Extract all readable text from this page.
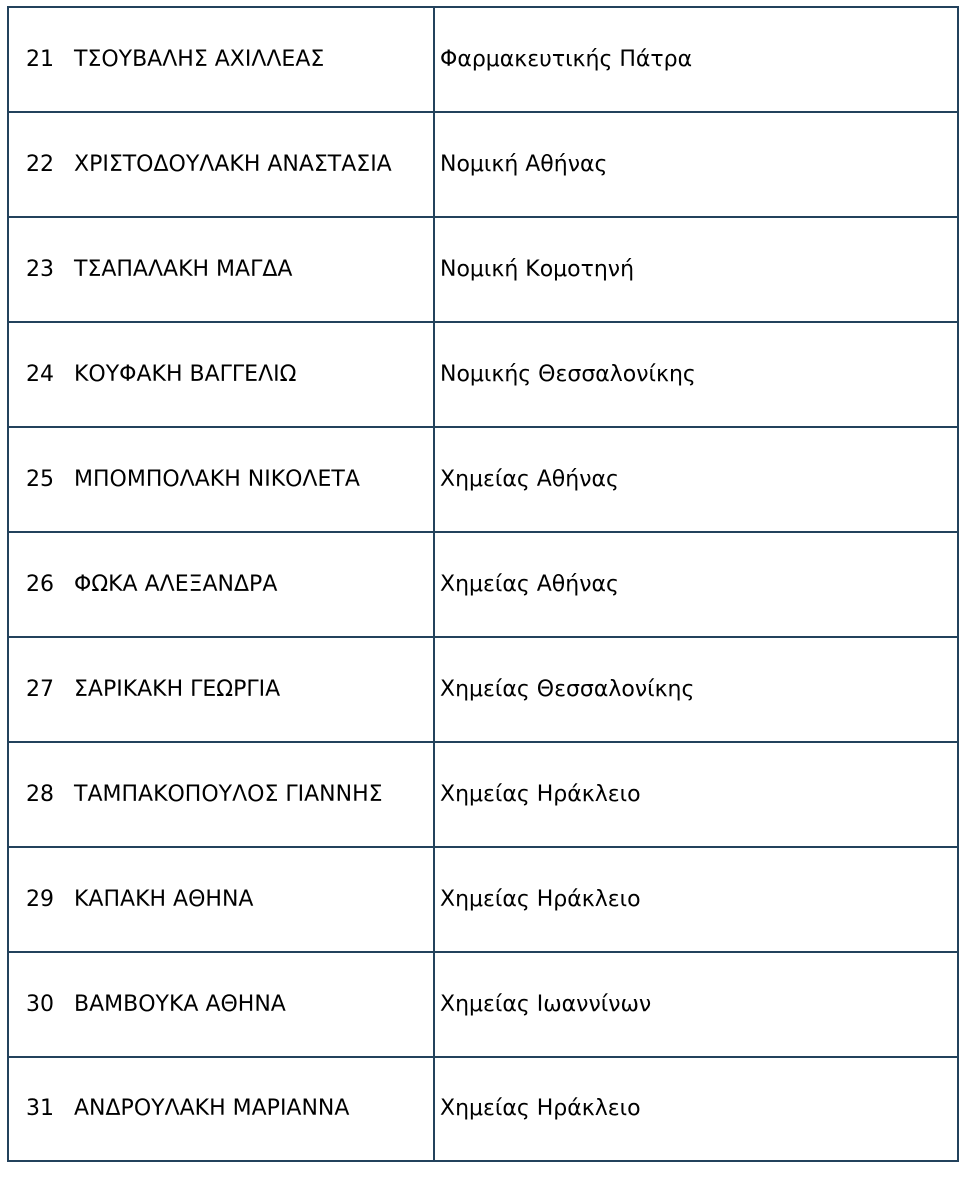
21	ΤΣΟΥΒΑΛΗΣ ΑΧΙΛΛΕΑΣ	Φαρμακευτικής Πάτρα
22	ΧΡΙΣΤΟΔΟΥΛΑΚΗ ΑΝΑΣΤΑΣΙΑ	Νομική Αθήνας
23	ΤΣΑΠΑΛΑΚΗ ΜΑΓΔΑ	Νομική Κομοτηνή
24	ΚΟΥΦΑΚΗ ΒΑΓΓΕΛΙΩ	Νομικής Θεσσαλονίκης
25	ΜΠΟΜΠΟΛΑΚΗ ΝΙΚΟΛΕΤΑ	Χημείας Αθήνας
26	ΦΩΚΑ ΑΛΕΞΑΝΔΡΑ	Χημείας Αθήνας
27	ΣΑΡΙΚΑΚΗ ΓΕΩΡΓΙΑ	Χημείας Θεσσαλονίκης
28	ΤΑΜΠΑΚΟΠΟΥΛΟΣ ΓΙΑΝΝΗΣ	Χημείας Ηράκλειο
29	ΚΑΠΑΚΗ ΑΘΗΝΑ	Χημείας Ηράκλειο
30	ΒΑΜΒΟΥΚΑ ΑΘΗΝΑ	Χημείας Ιωαννίνων
31	ΑΝΔΡΟΥΛΑΚΗ ΜΑΡΙΑΝΝΑ	Χημείας Ηράκλειο
